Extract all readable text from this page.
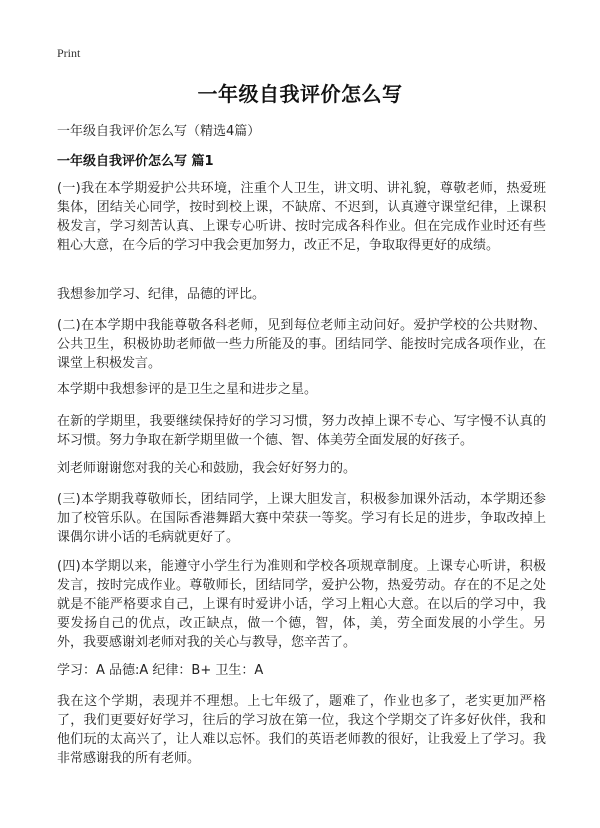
Print
一年级自我评价怎么写
一年级自我评价怎么写（精选4篇）
一年级自我评价怎么写 篇1
(一)我在本学期爱护公共环境，注重个人卫生，讲文明、讲礼貌，尊敬老师，热爱班集体，团结关心同学，按时到校上课，不缺席、不迟到，认真遵守课堂纪律，上课积极发言，学习刻苦认真、上课专心听讲、按时完成各科作业。但在完成作业时还有些粗心大意，在今后的学习中我会更加努力，改正不足，争取取得更好的成绩。
我想参加学习、纪律，品德的评比。
(二)在本学期中我能尊敬各科老师，见到每位老师主动问好。爱护学校的公共财物、公共卫生，积极协助老师做一些力所能及的事。团结同学、能按时完成各项作业，在课堂上积极发言。
本学期中我想参评的是卫生之星和进步之星。
在新的学期里，我要继续保持好的学习习惯，努力改掉上课不专心、写字慢不认真的坏习惯。努力争取在新学期里做一个德、智、体美劳全面发展的好孩子。
刘老师谢谢您对我的关心和鼓励，我会好好努力的。
(三)本学期我尊敬师长，团结同学，上课大胆发言，积极参加课外活动，本学期还参加了校管乐队。在国际香港舞蹈大赛中荣获一等奖。学习有长足的进步，争取改掉上课偶尔讲小话的毛病就更好了。
(四)本学期以来，能遵守小学生行为准则和学校各项规章制度。上课专心听讲，积极发言，按时完成作业。尊敬师长，团结同学，爱护公物，热爱劳动。存在的不足之处就是不能严格要求自己，上课有时爱讲小话，学习上粗心大意。在以后的学习中，我要发扬自己的优点，改正缺点，做一个德，智，体，美，劳全面发展的小学生。另外，我要感谢刘老师对我的关心与教导，您辛苦了。
学习：A 品德:A 纪律：B+ 卫生：A
我在这个学期，表现并不理想。上七年级了，题难了，作业也多了，老实更加严格了，我们更要好好学习，往后的学习放在第一位，我这个学期交了许多好伙伴，我和他们玩的太高兴了，让人难以忘怀。我们的英语老师教的很好，让我爱上了学习。我非常感谢我的所有老师。
